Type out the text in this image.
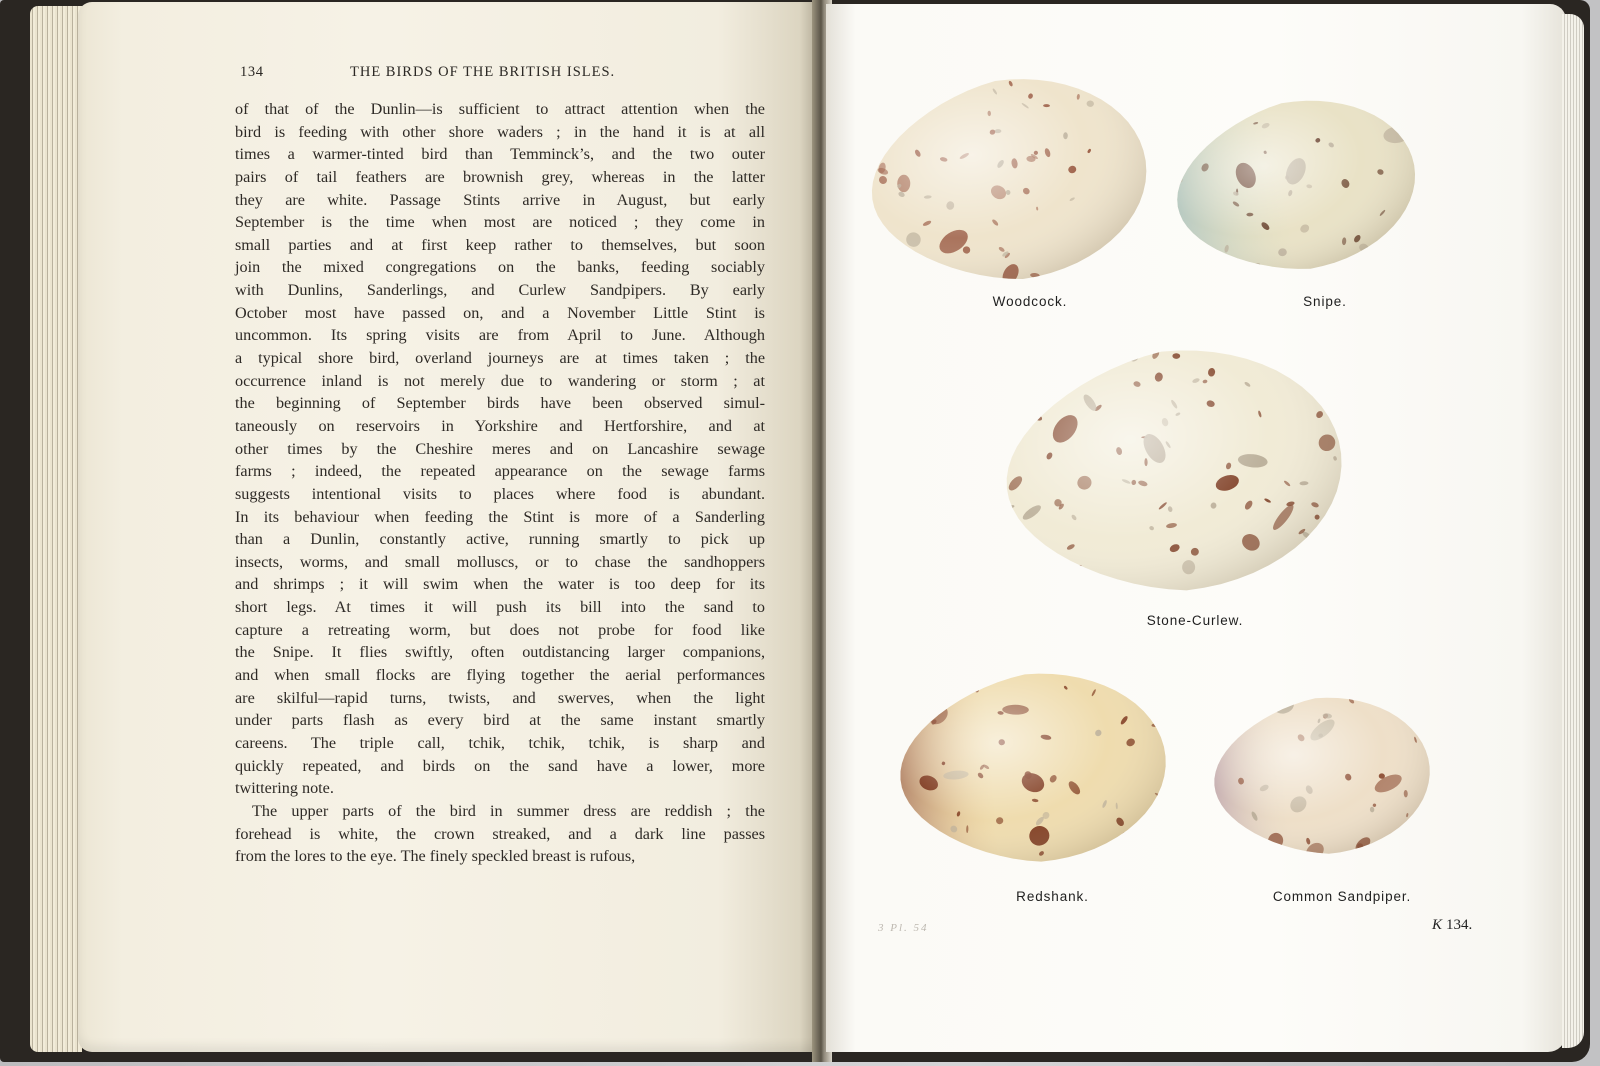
134	THE BIRDS OF THE BRITISH ISLES.
of that of the Dunlin—is sufficient to attract attention when the
bird is feeding with other shore waders ; in the hand it is at all
times a warmer-tinted bird than Temminck’s, and the two outer
pairs of tail feathers are brownish grey, whereas in the latter
they are white. Passage Stints arrive in August, but early
September is the time when most are noticed ; they come in
small parties and at first keep rather to themselves, but soon
join the mixed congregations on the banks, feeding sociably
with Dunlins, Sanderlings, and Curlew Sandpipers. By early
October most have passed on, and a November Little Stint is
uncommon. Its spring visits are from April to June. Although
a typical shore bird, overland journeys are at times taken ; the
occurrence inland is not merely due to wandering or storm ; at
the beginning of September birds have been observed simul-
taneously on reservoirs in Yorkshire and Hertforshire, and at
other times by the Cheshire meres and on Lancashire sewage
farms ; indeed, the repeated appearance on the sewage farms
suggests intentional visits to places where food is abundant.
In its behaviour when feeding the Stint is more of a Sanderling
than a Dunlin, constantly active, running smartly to pick up
insects, worms, and small molluscs, or to chase the sandhoppers
and shrimps ; it will swim when the water is too deep for its
short legs. At times it will push its bill into the sand to
capture a retreating worm, but does not probe for food like
the Snipe. It flies swiftly, often outdistancing larger companions,
and when small flocks are flying together the aerial performances
are skilful—rapid turns, twists, and swerves, when the light
under parts flash as every bird at the same instant smartly
careens. The triple call, tchik, tchik, tchik, is sharp and
quickly repeated, and birds on the sand have a lower, more
twittering note.
The upper parts of the bird in summer dress are reddish ; the
forehead is white, the crown streaked, and a dark line passes
from the lores to the eye. The finely speckled breast is rufous,
Woodcock.	Snipe.
Stone-Curlew.
Redshank.	Common Sandpiper.
3 Pl. 54	K 134.
